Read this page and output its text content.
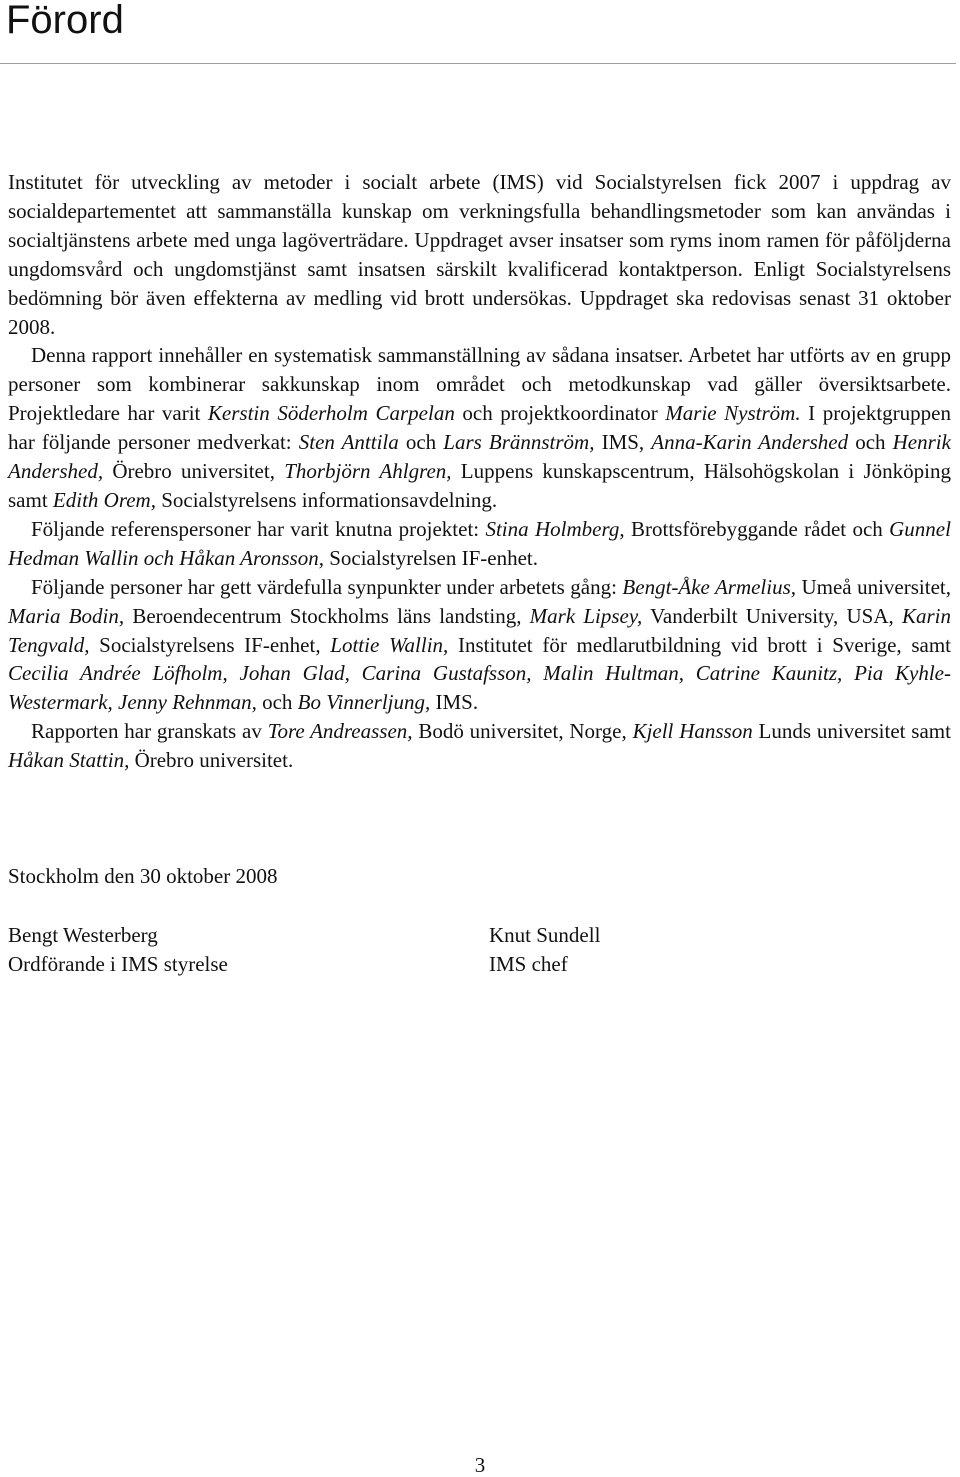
Förord

Institutet för utveckling av metoder i socialt arbete (IMS) vid Socialstyrelsen fick 2007 i uppdrag av socialdepartementet att sammanställa kunskap om verkningsfulla behandlingsmetoder som kan användas i socialtjänstens arbete med unga lagöverträdare. Uppdraget avser insatser som ryms inom ramen för påföljderna ungdomsvård och ungdomstjänst samt insatsen särskilt kvalificerad kontaktperson. Enligt Socialstyrelsens bedömning bör även effekterna av medling vid brott undersökas. Uppdraget ska redovisas senast 31 oktober 2008.

Denna rapport innehåller en systematisk sammanställning av sådana insatser. Arbetet har utförts av en grupp personer som kombinerar sakkunskap inom området och metodkunskap vad gäller översiktsarbete. Projektledare har varit Kerstin Söderholm Carpelan och projektkoordinator Marie Nyström. I projektgruppen har följande personer medverkat: Sten Anttila och Lars Brännström, IMS, Anna-Karin Andershed och Henrik Andershed, Örebro universitet, Thorbjörn Ahlgren, Luppens kunskapscentrum, Hälsohögskolan i Jönköping samt Edith Orem, Socialstyrelsens informationsavdelning.

Följande referenspersoner har varit knutna projektet: Stina Holmberg, Brottsförebyggande rådet och Gunnel Hedman Wallin och Håkan Aronsson, Socialstyrelsen IF-enhet.

Följande personer har gett värdefulla synpunkter under arbetets gång: Bengt-Åke Armelius, Umeå universitet, Maria Bodin, Beroendecentrum Stockholms läns landsting, Mark Lipsey, Vanderbilt University, USA, Karin Tengvald, Socialstyrelsens IF-enhet, Lottie Wallin, Institutet för medlarutbildning vid brott i Sverige, samt Cecilia Andrée Löfholm, Johan Glad, Carina Gustafsson, Malin Hultman, Catrine Kaunitz, Pia Kyhle-Westermark, Jenny Rehnman, och Bo Vinnerljung, IMS.

Rapporten har granskats av Tore Andreassen, Bodö universitet, Norge, Kjell Hansson Lunds universitet samt Håkan Stattin, Örebro universitet.

Stockholm den 30 oktober 2008

Bengt Westerberg
Ordförande i IMS styrelse
Knut Sundell
IMS chef
3
